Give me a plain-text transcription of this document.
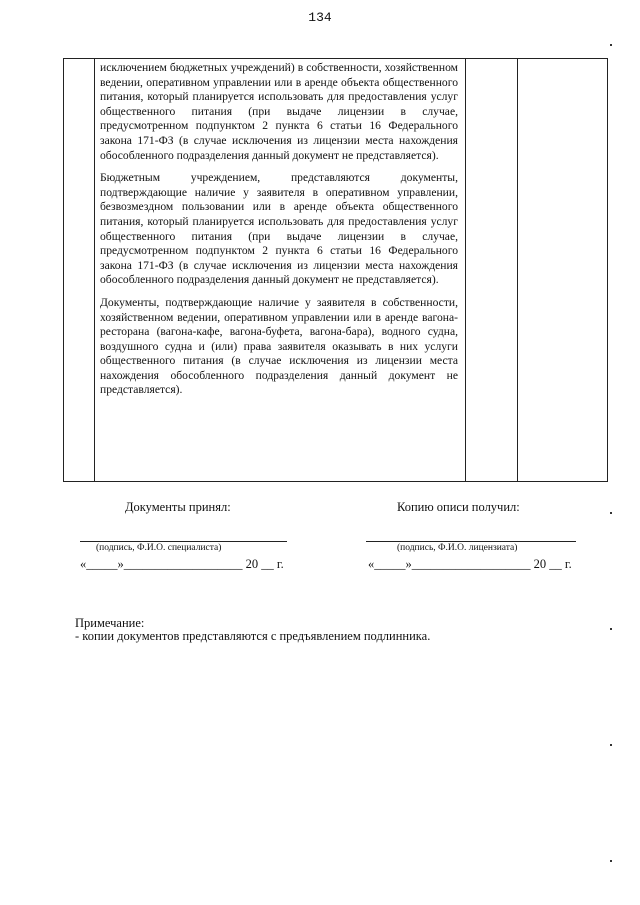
134

исключением бюджетных учреждений) в собственности, хозяйственном ведении, оперативном управлении или в аренде объекта общественного питания, который планируется использовать для предоставления услуг общественного питания (при выдаче лицензии в случае, предусмотренном подпунктом 2 пункта 6 статьи 16 Федерального закона 171-ФЗ (в случае исключения из лицензии места нахождения обособленного подразделения данный документ не представляется).

Бюджетным учреждением, представляются документы, подтверждающие наличие у заявителя в оперативном управлении, безвозмездном пользовании или в аренде объекта общественного питания, который планируется использовать для предоставления услуг общественного питания (при выдаче лицензии в случае, предусмотренном подпунктом 2 пункта 6 статьи 16 Федерального закона 171-ФЗ (в случае исключения из лицензии места нахождения обособленного подразделения данный документ не представляется).

Документы, подтверждающие наличие у заявителя в собственности, хозяйственном ведении, оперативном управлении или в аренде вагона-ресторана (вагона-кафе, вагона-буфета, вагона-бара), водного судна, воздушного судна и (или) права заявителя оказывать в них услуги общественного питания (в случае исключения из лицензии места нахождения обособленного подразделения данный документ не представляется).

Документы принял:	Копию описи получил:
(подпись, Ф.И.О. специалиста)	(подпись, Ф.И.О. лицензиата)
«_____»___________________ 20 __ г.	«_____»___________________ 20 __ г.
Примечание:
- копии документов представляются с предъявлением подлинника.
